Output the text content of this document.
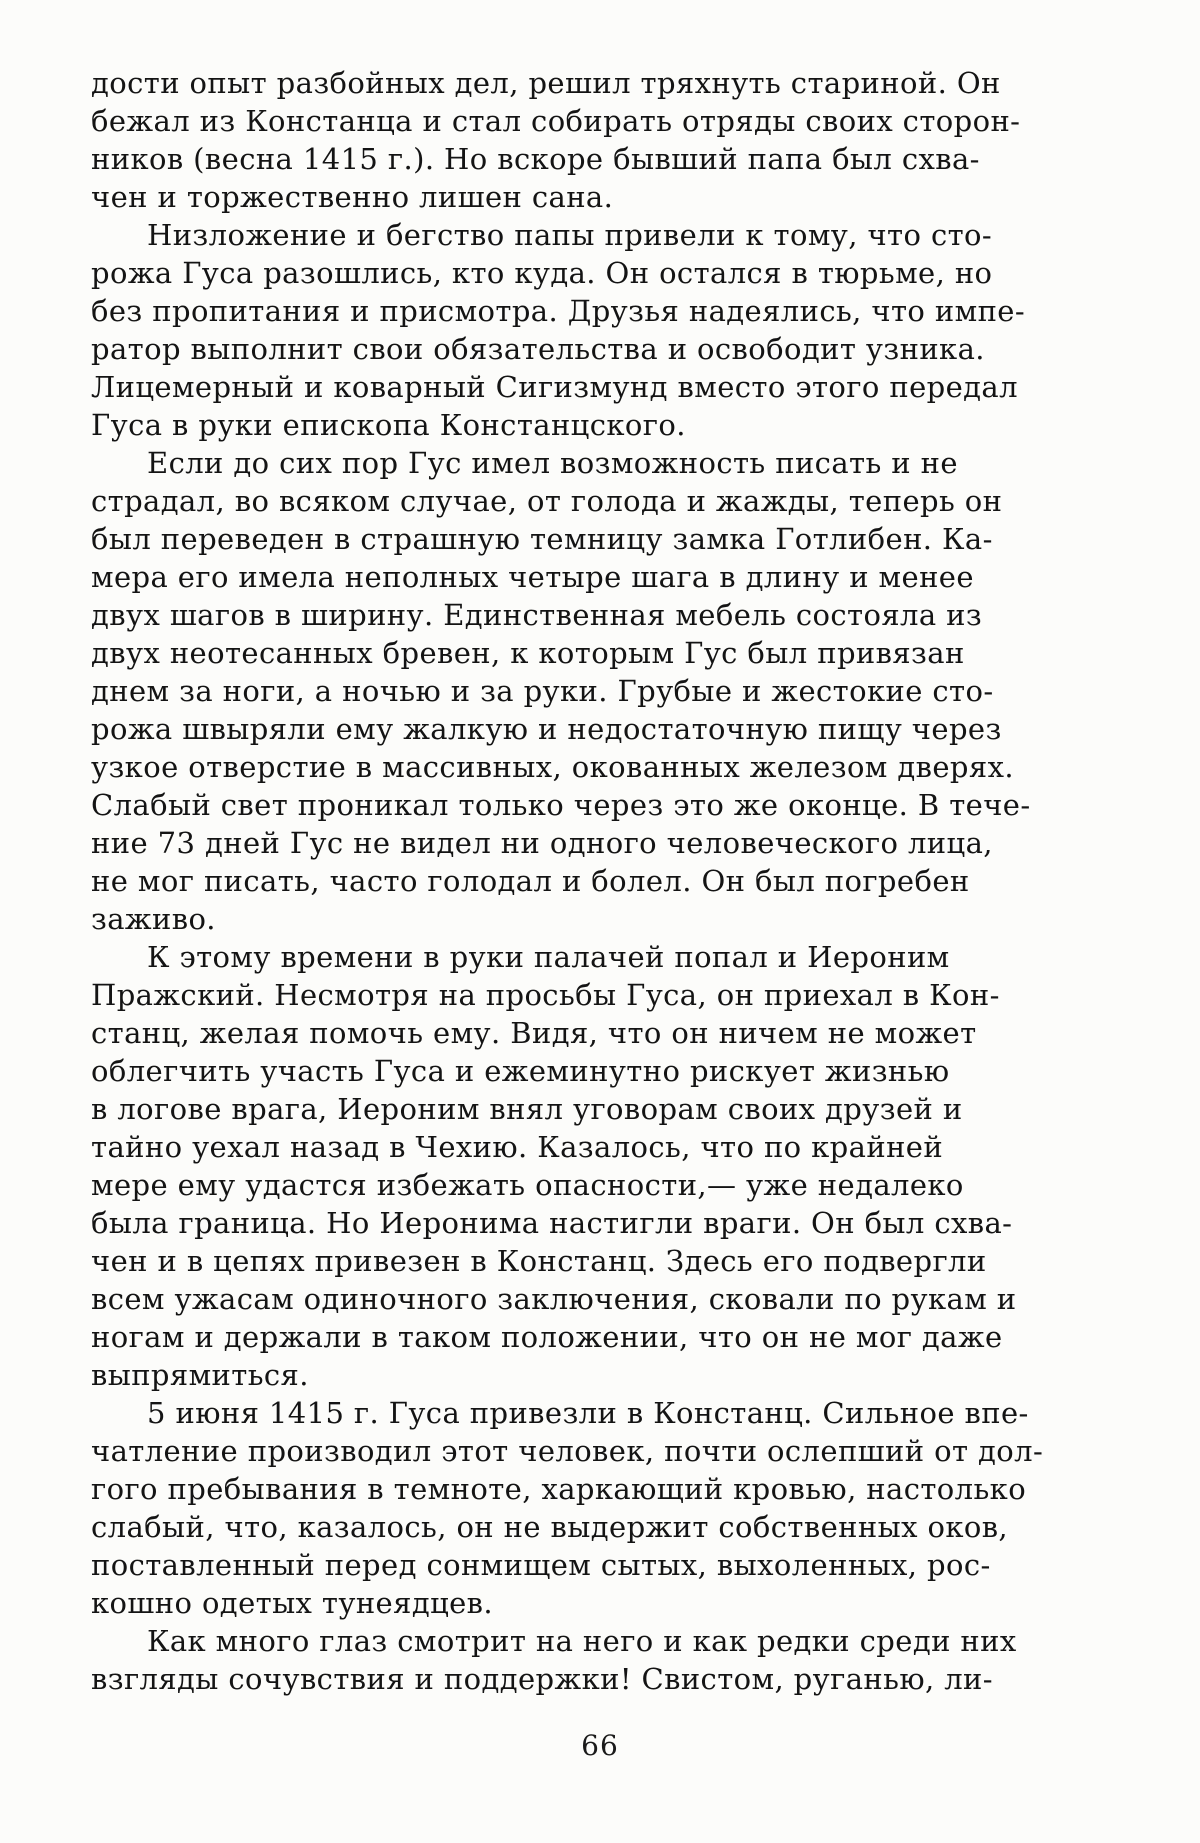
дости опыт разбойных дел, решил тряхнуть стариной. Он
бежал из Констанца и стал собирать отряды своих сторон-
ников (весна 1415 г.). Но вскоре бывший папа был схва-
чен и торжественно лишен сана.
Низложение и бегство папы привели к тому, что сто-
рожа Гуса разошлись, кто куда. Он остался в тюрьме, но
без пропитания и присмотра. Друзья надеялись, что импе-
ратор выполнит свои обязательства и освободит узника.
Лицемерный и коварный Сигизмунд вместо этого передал
Гуса в руки епископа Констанцского.
Если до сих пор Гус имел возможность писать и не
страдал, во всяком случае, от голода и жажды, теперь он
был переведен в страшную темницу замка Готлибен. Ка-
мера его имела неполных четыре шага в длину и менее
двух шагов в ширину. Единственная мебель состояла из
двух неотесанных бревен, к которым Гус был привязан
днем за ноги, а ночью и за руки. Грубые и жестокие сто-
рожа швыряли ему жалкую и недостаточную пищу через
узкое отверстие в массивных, окованных железом дверях.
Слабый свет проникал только через это же оконце. В тече-
ние 73 дней Гус не видел ни одного человеческого лица,
не мог писать, часто голодал и болел. Он был погребен
заживо.
К этому времени в руки палачей попал и Иероним
Пражский. Несмотря на просьбы Гуса, он приехал в Кон-
станц, желая помочь ему. Видя, что он ничем не может
облегчить участь Гуса и ежеминутно рискует жизнью
в логове врага, Иероним внял уговорам своих друзей и
тайно уехал назад в Чехию. Казалось, что по крайней
мере ему удастся избежать опасности,— уже недалеко
была граница. Но Иеронима настигли враги. Он был схва-
чен и в цепях привезен в Констанц. Здесь его подвергли
всем ужасам одиночного заключения, сковали по рукам и
ногам и держали в таком положении, что он не мог даже
выпрямиться.
5 июня 1415 г. Гуса привезли в Констанц. Сильное впе-
чатление производил этот человек, почти ослепший от дол-
гого пребывания в темноте, харкающий кровью, настолько
слабый, что, казалось, он не выдержит собственных оков,
поставленный перед сонмищем сытых, выхоленных, рос-
кошно одетых тунеядцев.
Как много глаз смотрит на него и как редки среди них
взгляды сочувствия и поддержки! Свистом, руганью, ли-
66
